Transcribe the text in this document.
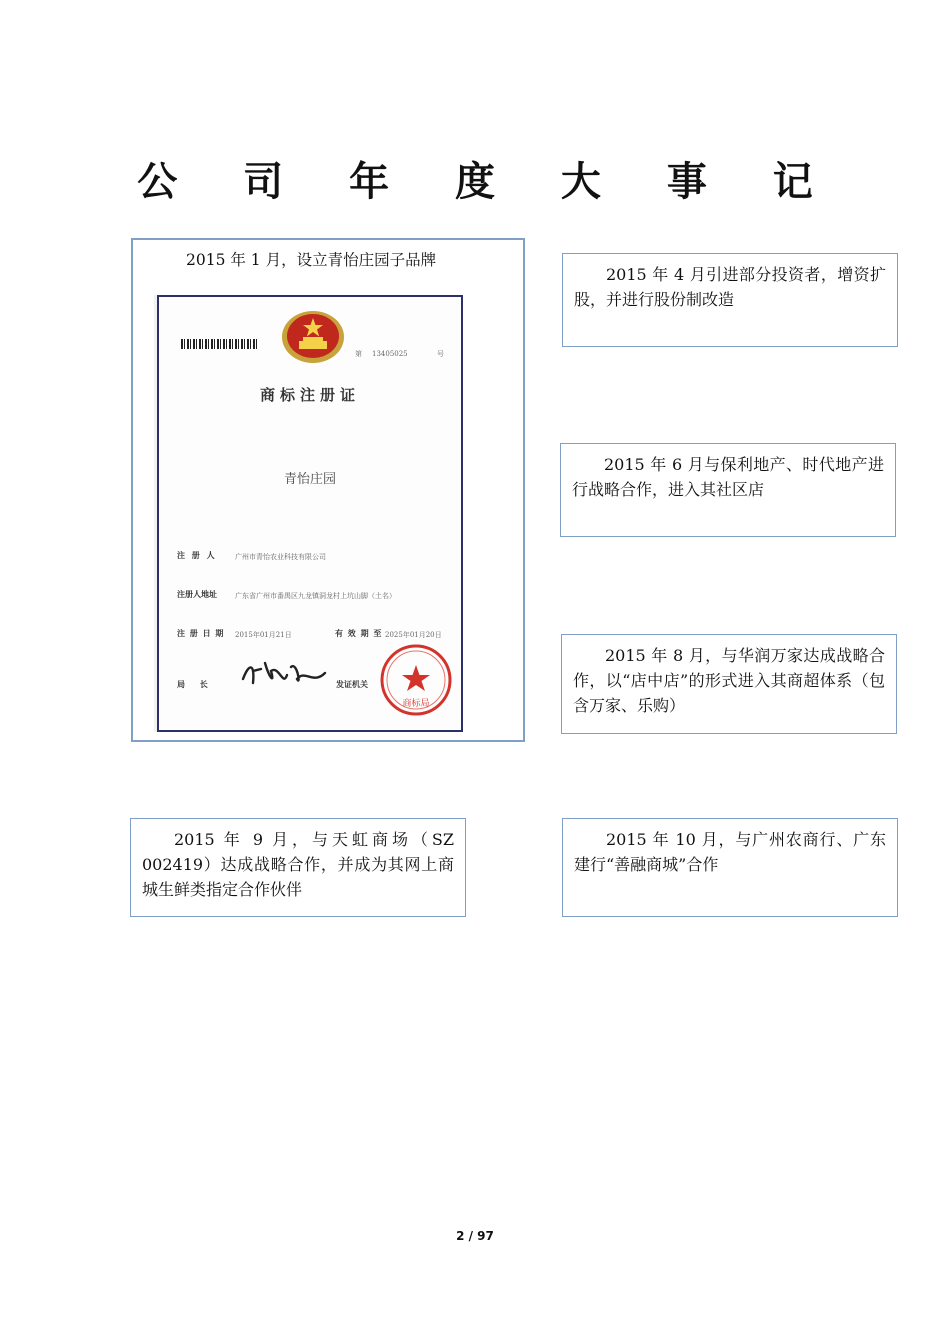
公 司 年 度 大 事 记

2015 年 1 月，设立青怡庄园子品牌

第 13405025	号
商标注册证
青怡庄园
注 册 人	广州市青怡农业科技有限公司
注册人地址	广东省广州市番禺区九龙镇洞龙村上坑山脚（土名）
注 册 日 期 2015年01月21日	有 效 期 至 2025年01月20日
局 长	发证机关
商标局

2015 年 4 月引进部分投资者，增资扩股，并进行股份制改造

2015 年 6 月与保利地产、时代地产进行战略合作，进入其社区店

2015 年 8 月，与华润万家达成战略合作，以“店中店”的形式进入其商超体系（包含万家、乐购）

2015 年 9 月，与天虹商场（SZ 002419）达成战略合作，并成为其网上商城生鲜类指定合作伙伴

2015 年 10 月，与广州农商行、广东建行“善融商城”合作

2 / 97
